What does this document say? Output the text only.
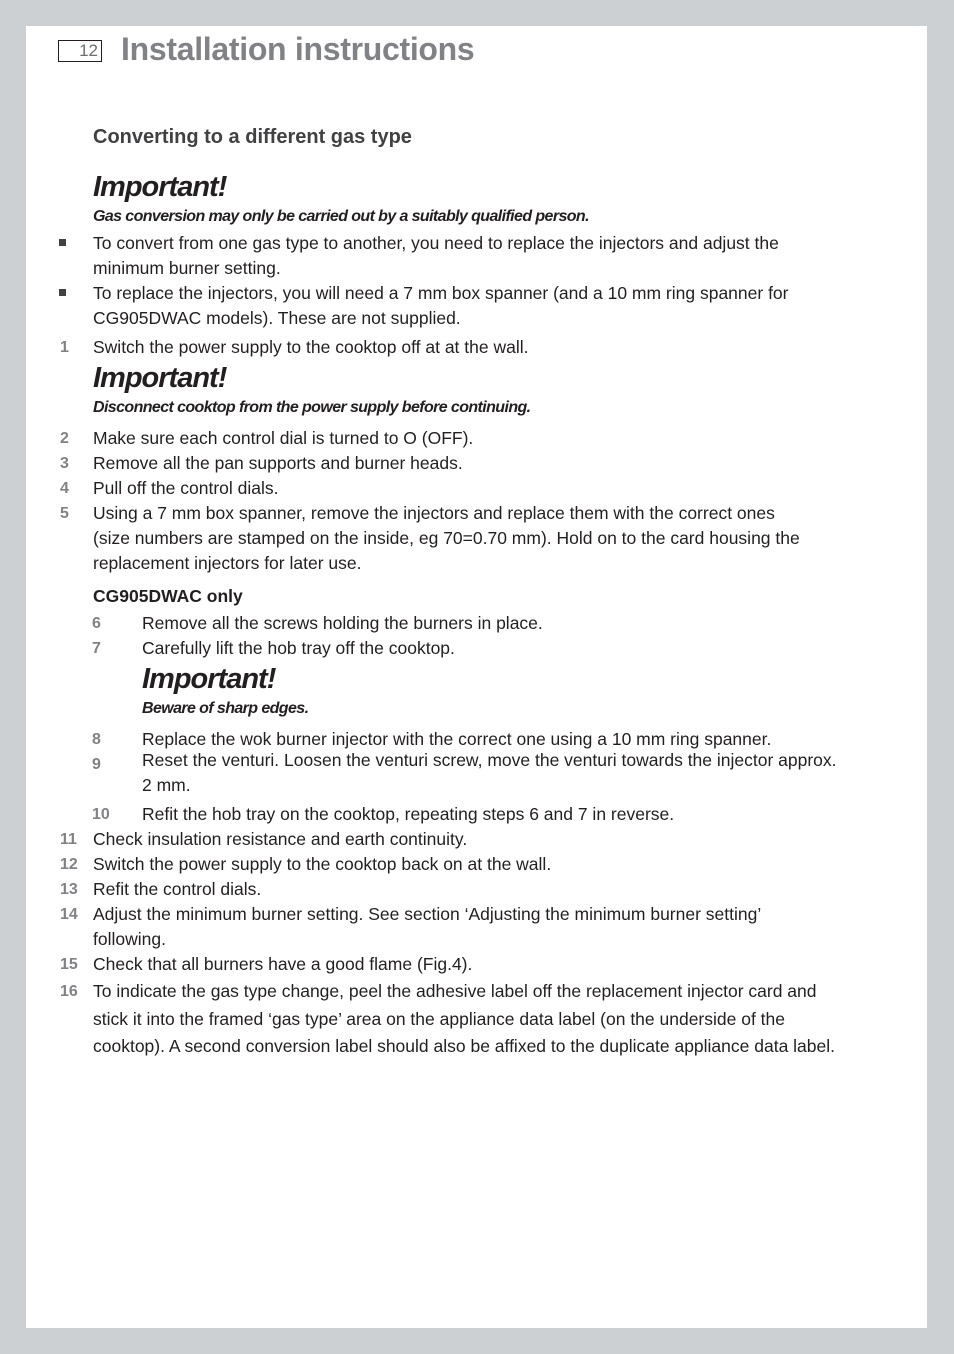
12 Installation instructions
Converting to a different gas type
Important!
Gas conversion may only be carried out by a suitably qualified person.
To convert from one gas type to another, you need to replace the injectors and adjust the
minimum burner setting.
To replace the injectors, you will need a 7 mm box spanner (and a 10 mm ring spanner for
CG905DWAC models). These are not supplied.
1 Switch the power supply to the cooktop off at at the wall.
Important!
Disconnect cooktop from the power supply before continuing.
2 Make sure each control dial is turned to O (OFF).
3 Remove all the pan supports and burner heads.
4 Pull off the control dials.
5 Using a 7 mm box spanner, remove the injectors and replace them with the correct ones
(size numbers are stamped on the inside, eg 70=0.70 mm). Hold on to the card housing the
replacement injectors for later use.
CG905DWAC only
6 Remove all the screws holding the burners in place.
7 Carefully lift the hob tray off the cooktop.
Important!
Beware of sharp edges.
8 Replace the wok burner injector with the correct one using a 10 mm ring spanner.
9 Reset the venturi. Loosen the venturi screw, move the venturi towards the injector approx.
2 mm.
10 Refit the hob tray on the cooktop, repeating steps 6 and 7 in reverse.
11 Check insulation resistance and earth continuity.
12 Switch the power supply to the cooktop back on at the wall.
13 Refit the control dials.
14 Adjust the minimum burner setting. See section ‘Adjusting the minimum burner setting’
following.
15 Check that all burners have a good flame (Fig.4).
16 To indicate the gas type change, peel the adhesive label off the replacement injector card and
stick it into the framed ‘gas type’ area on the appliance data label (on the underside of the
cooktop). A second conversion label should also be affixed to the duplicate appliance data label.
